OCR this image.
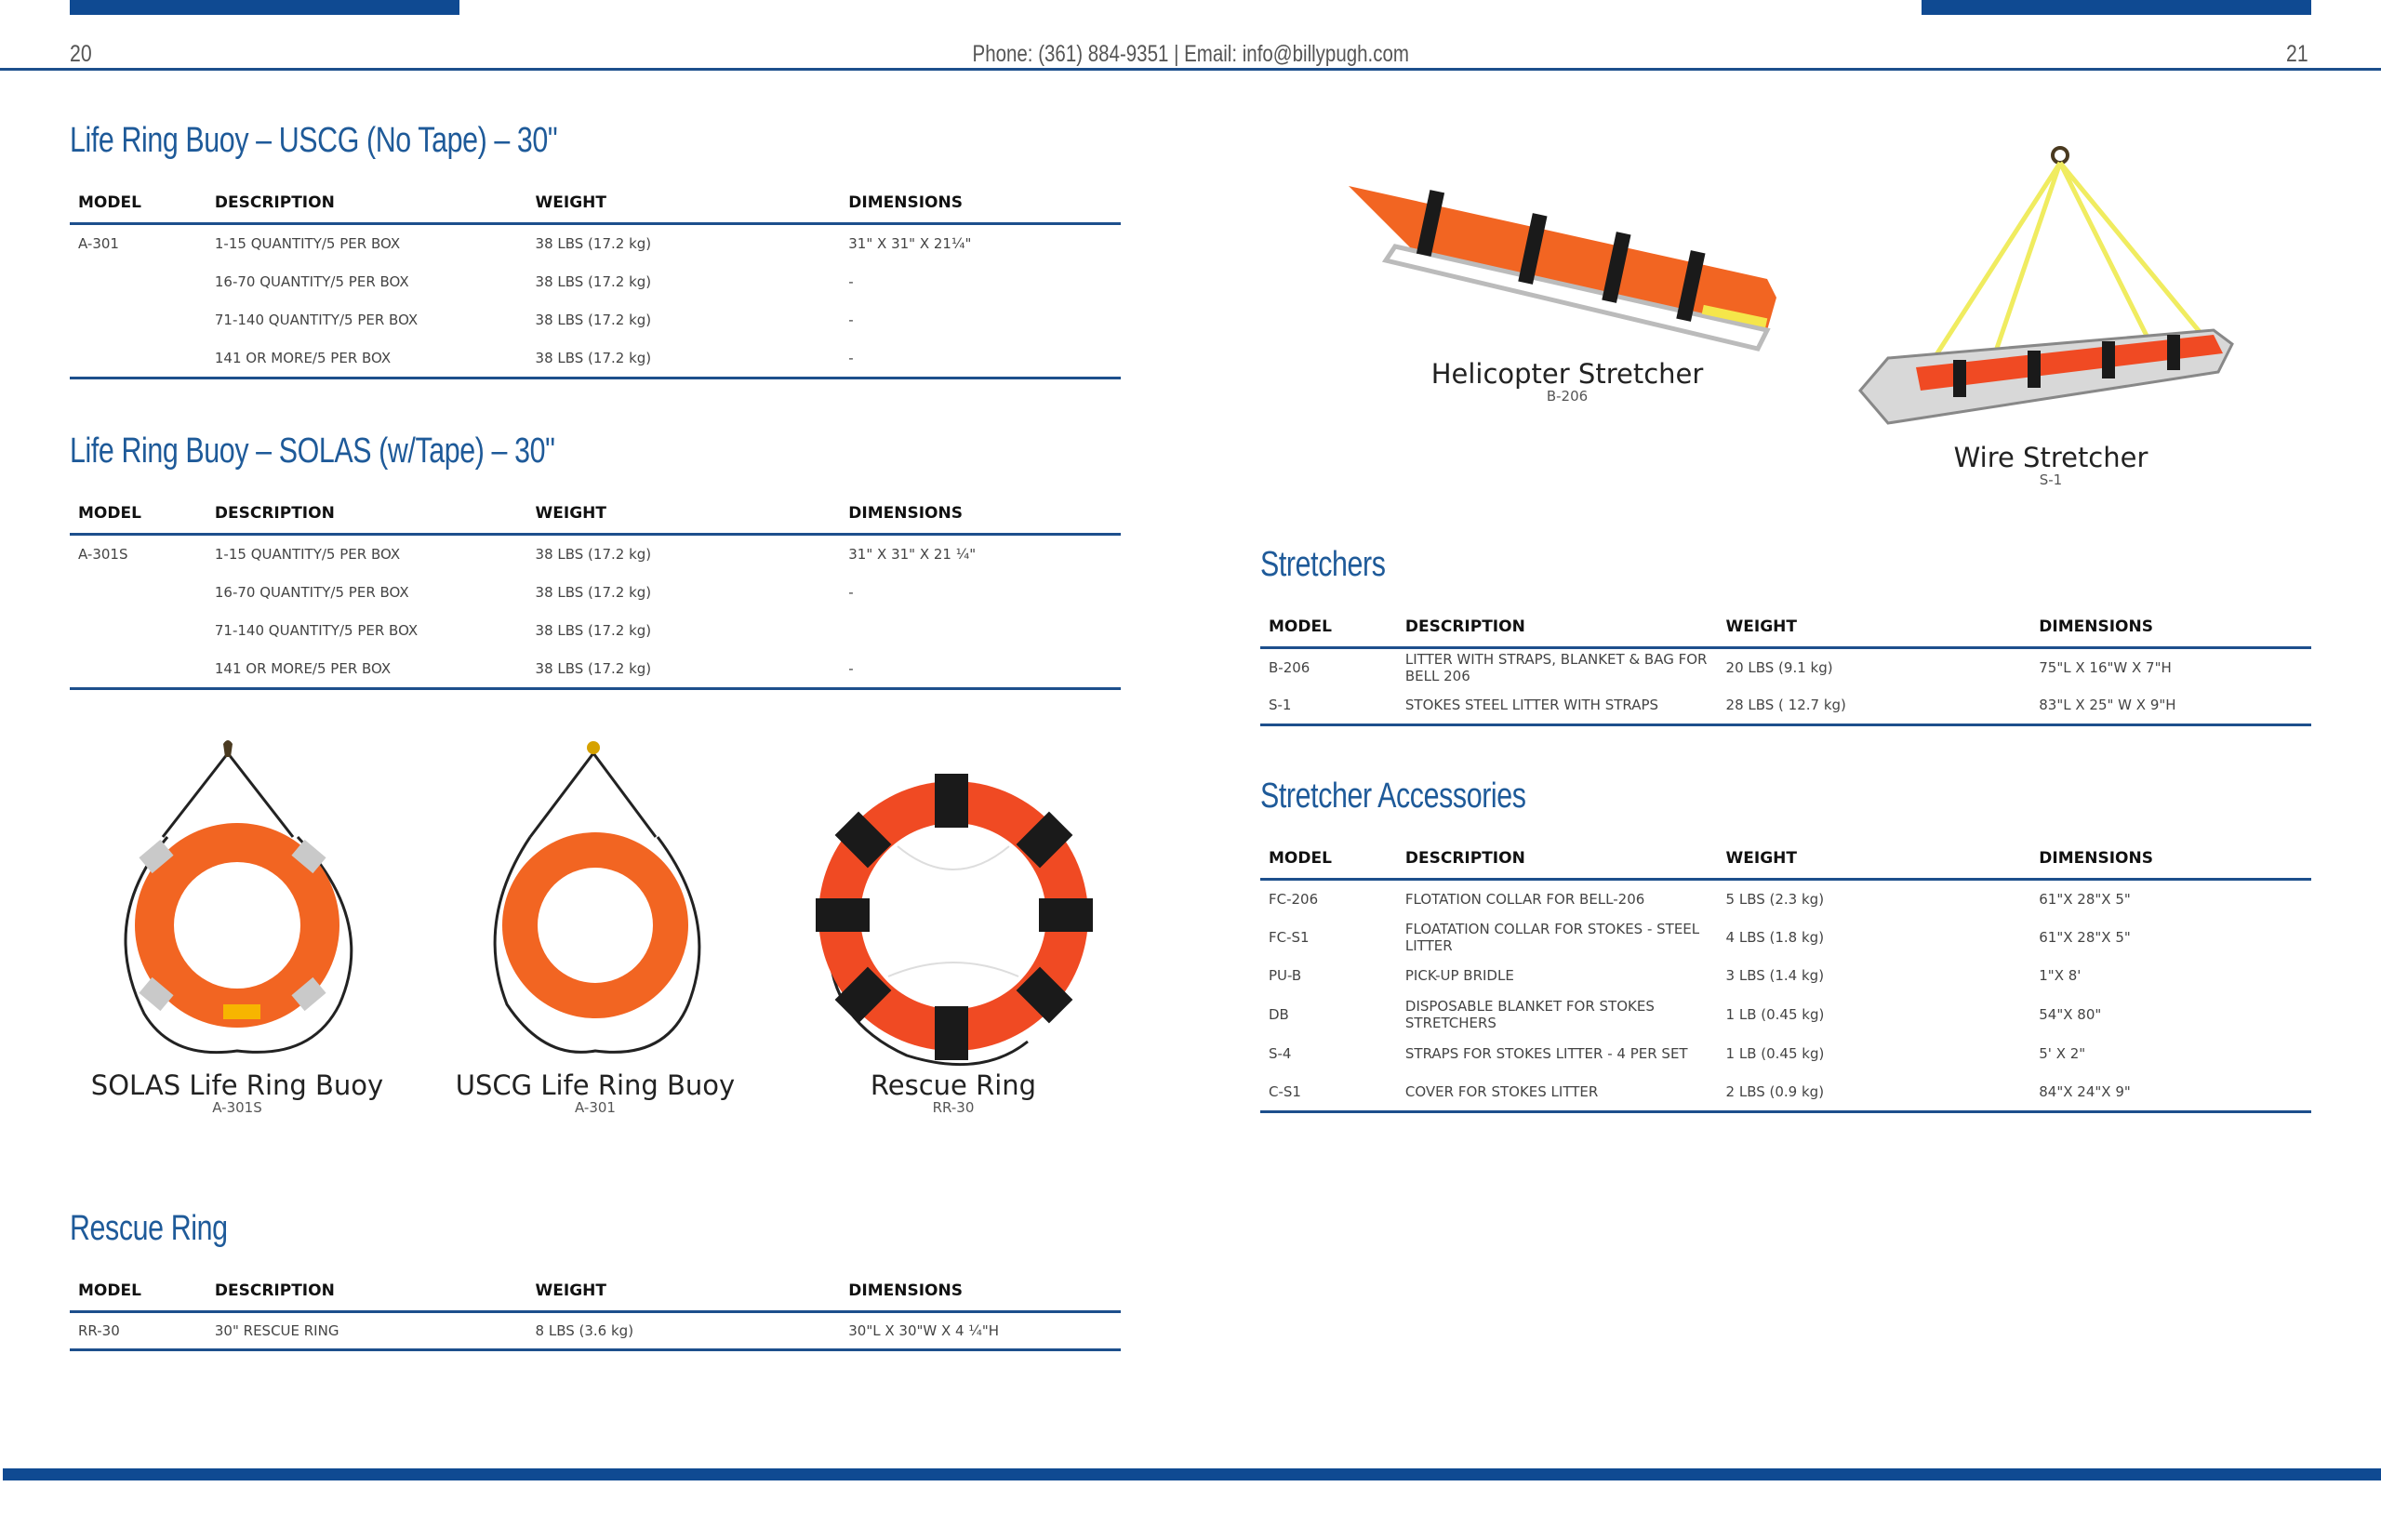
20	Phone: (361) 884-9351 | Email: info@billypugh.com	21
Life Ring Buoy – USCG (No Tape) – 30"
MODEL	DESCRIPTION	WEIGHT	DIMENSIONS
A-301	1-15 QUANTITY/5 PER BOX	38 LBS (17.2 kg)	31" X 31" X 21¼"
	16-70 QUANTITY/5 PER BOX	38 LBS (17.2 kg)	-
	71-140 QUANTITY/5 PER BOX	38 LBS (17.2 kg)	-
	141 OR MORE/5 PER BOX	38 LBS (17.2 kg)	-
Life Ring Buoy – SOLAS (w/Tape) – 30"
MODEL	DESCRIPTION	WEIGHT	DIMENSIONS
A-301S	1-15 QUANTITY/5 PER BOX	38 LBS (17.2 kg)	31" X 31" X 21 ¼"
	16-70 QUANTITY/5 PER BOX	38 LBS (17.2 kg)	-
	71-140 QUANTITY/5 PER BOX	38 LBS (17.2 kg)	
	141 OR MORE/5 PER BOX	38 LBS (17.2 kg)	-
SOLAS Life Ring Buoy
A-301S
USCG Life Ring Buoy
A-301
Rescue Ring
RR-30
Rescue Ring
MODEL	DESCRIPTION	WEIGHT	DIMENSIONS
RR-30	30" RESCUE RING	8 LBS (3.6 kg)	30"L X 30"W X 4 ¼"H
Helicopter Stretcher
B-206
Wire Stretcher
S-1
Stretchers
MODEL	DESCRIPTION	WEIGHT	DIMENSIONS
B-206	LITTER WITH STRAPS, BLANKET & BAG FOR BELL 206	20 LBS (9.1 kg)	75"L X 16"W X 7"H
S-1	STOKES STEEL LITTER WITH STRAPS	28 LBS ( 12.7 kg)	83"L X 25" W X 9"H
Stretcher Accessories
MODEL	DESCRIPTION	WEIGHT	DIMENSIONS
FC-206	FLOTATION COLLAR FOR BELL-206	5 LBS (2.3 kg)	61"X 28"X 5"
FC-S1	FLOATATION COLLAR FOR STOKES - STEEL LITTER	4 LBS (1.8 kg)	61"X 28"X 5"
PU-B	PICK-UP BRIDLE	3 LBS (1.4 kg)	1"X 8'
DB	DISPOSABLE BLANKET FOR STOKES STRETCHERS	1 LB (0.45 kg)	54"X 80"
S-4	STRAPS FOR STOKES LITTER - 4 PER SET	1 LB (0.45 kg)	5' X 2"
C-S1	COVER FOR STOKES LITTER	2 LBS (0.9 kg)	84"X 24"X 9"
